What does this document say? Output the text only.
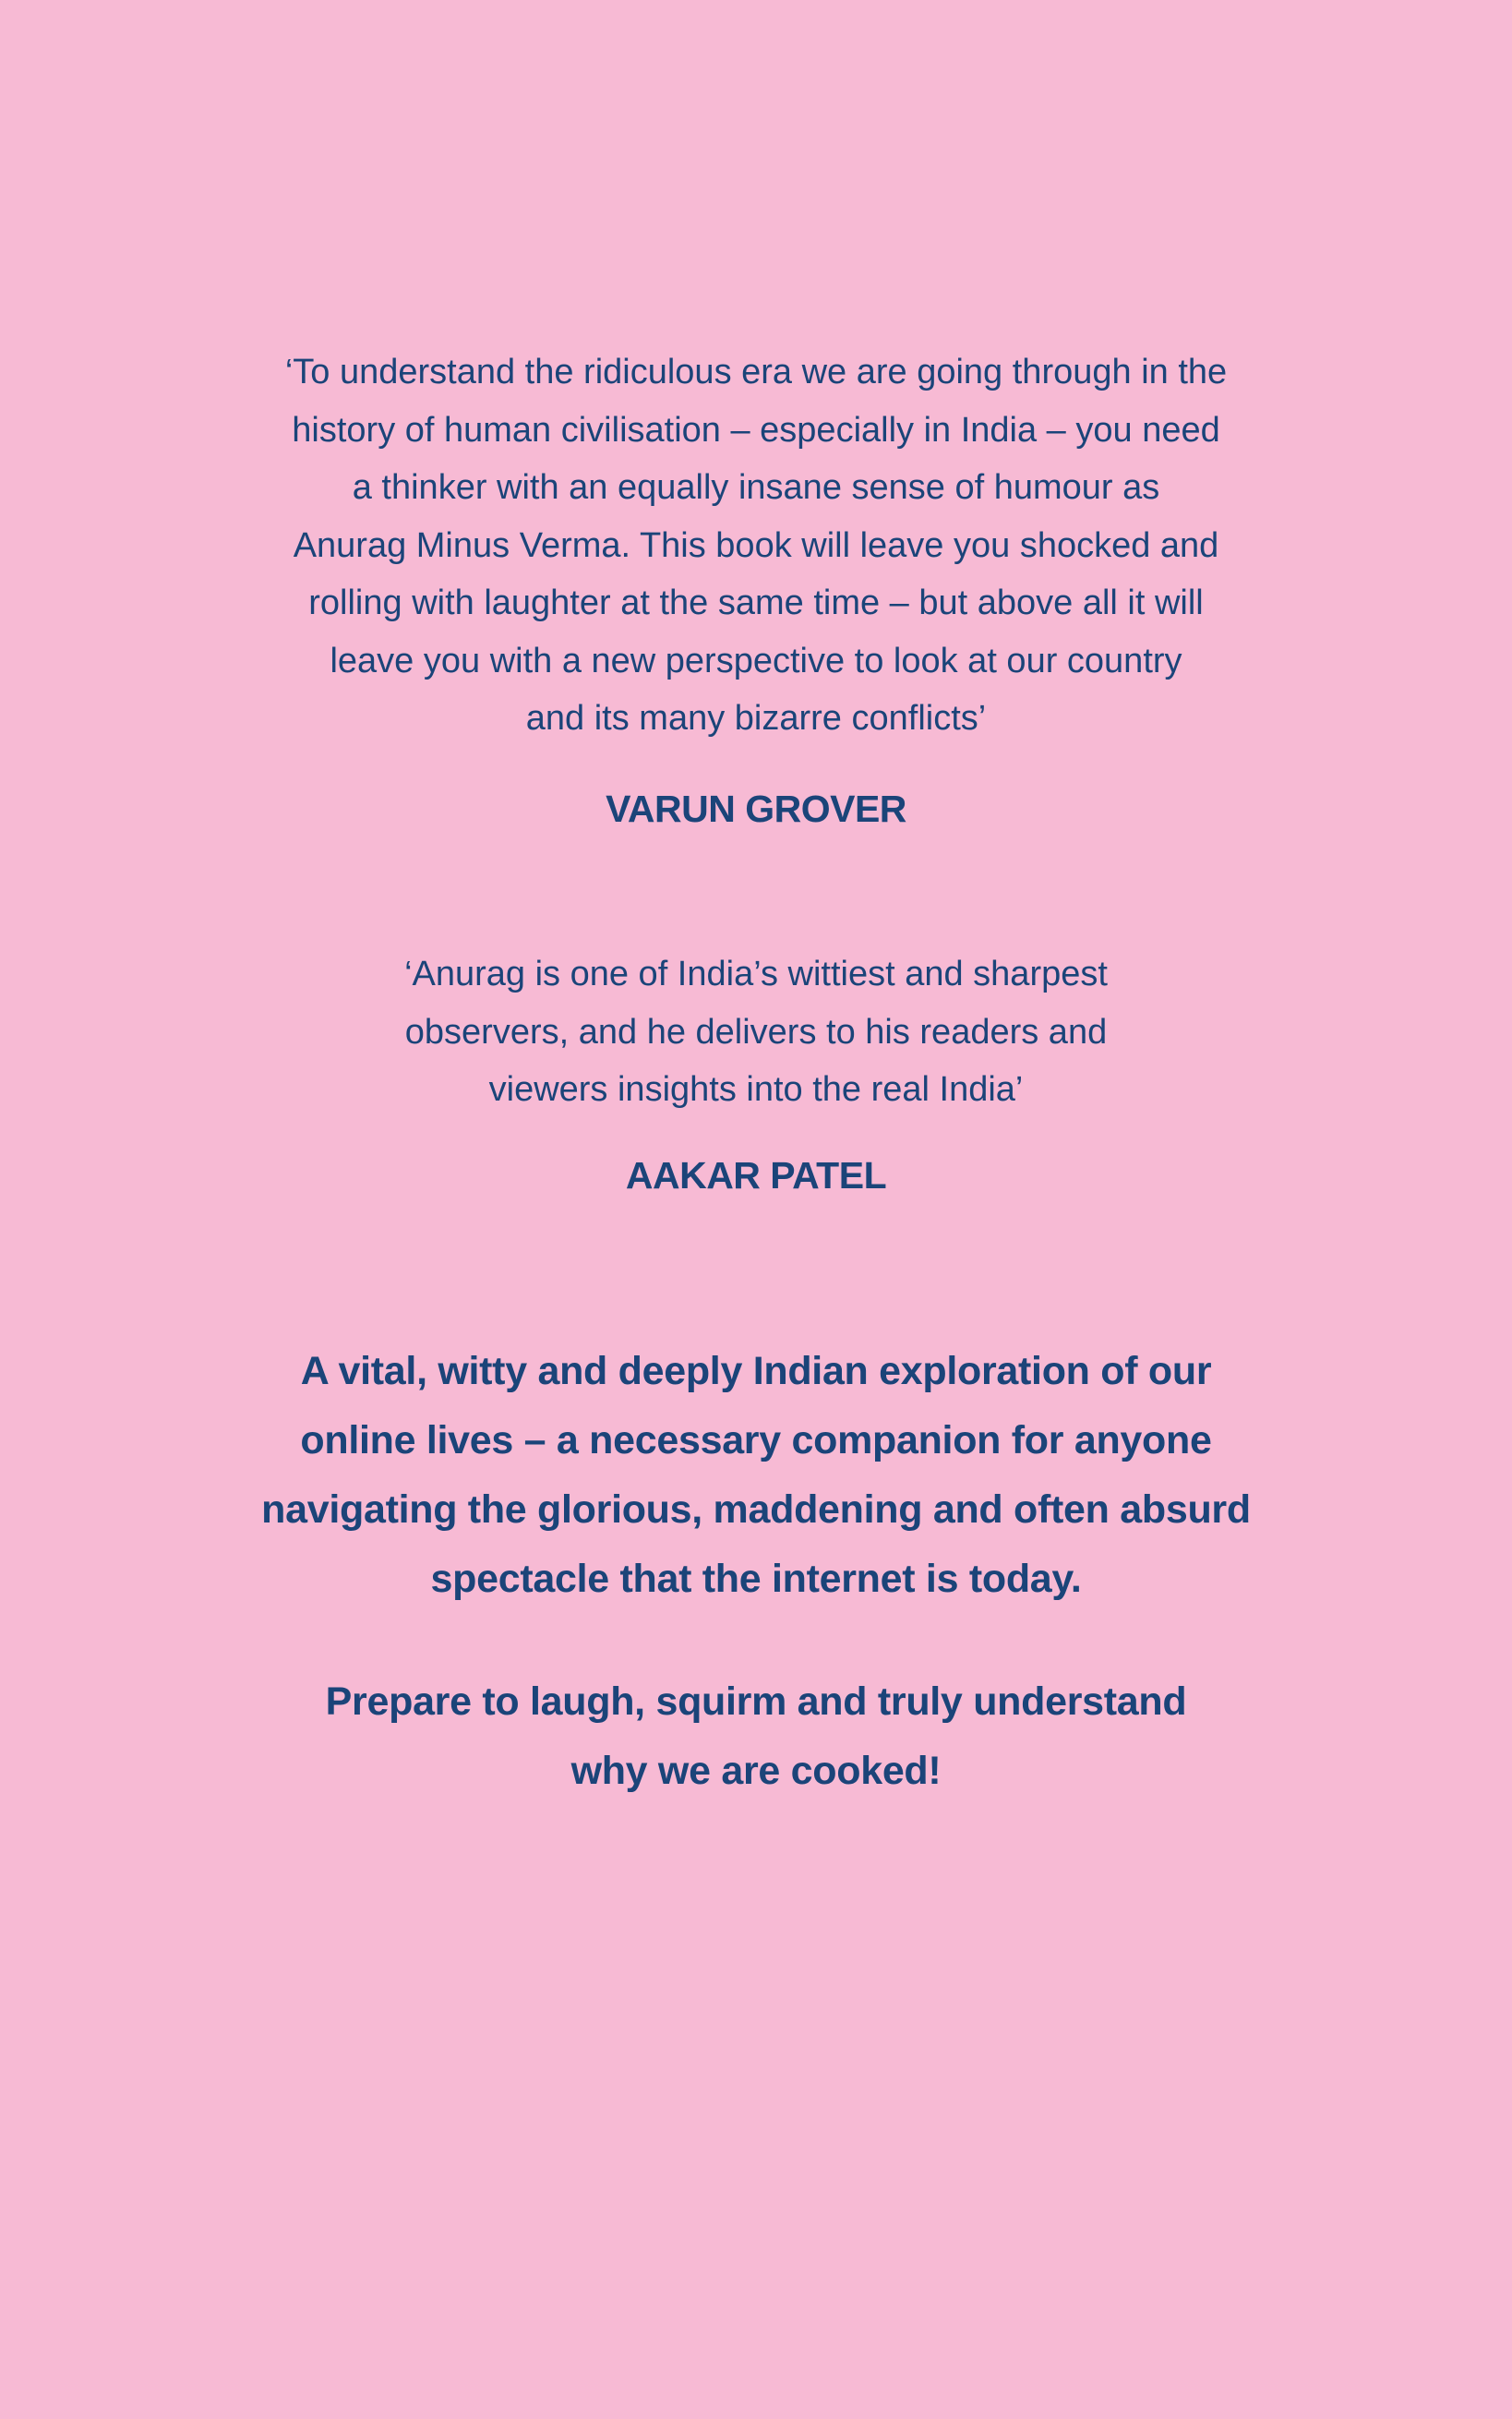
‘To understand the ridiculous era we are going through in the
history of human civilisation – especially in India – you need
a thinker with an equally insane sense of humour as
Anurag Minus Verma. This book will leave you shocked and
rolling with laughter at the same time – but above all it will
leave you with a new perspective to look at our country
and its many bizarre conflicts’

VARUN GROVER

‘Anurag is one of India’s wittiest and sharpest
observers, and he delivers to his readers and
viewers insights into the real India’

AAKAR PATEL

A vital, witty and deeply Indian exploration of our
online lives – a necessary companion for anyone
navigating the glorious, maddening and often absurd
spectacle that the internet is today.

Prepare to laugh, squirm and truly understand
why we are cooked!
